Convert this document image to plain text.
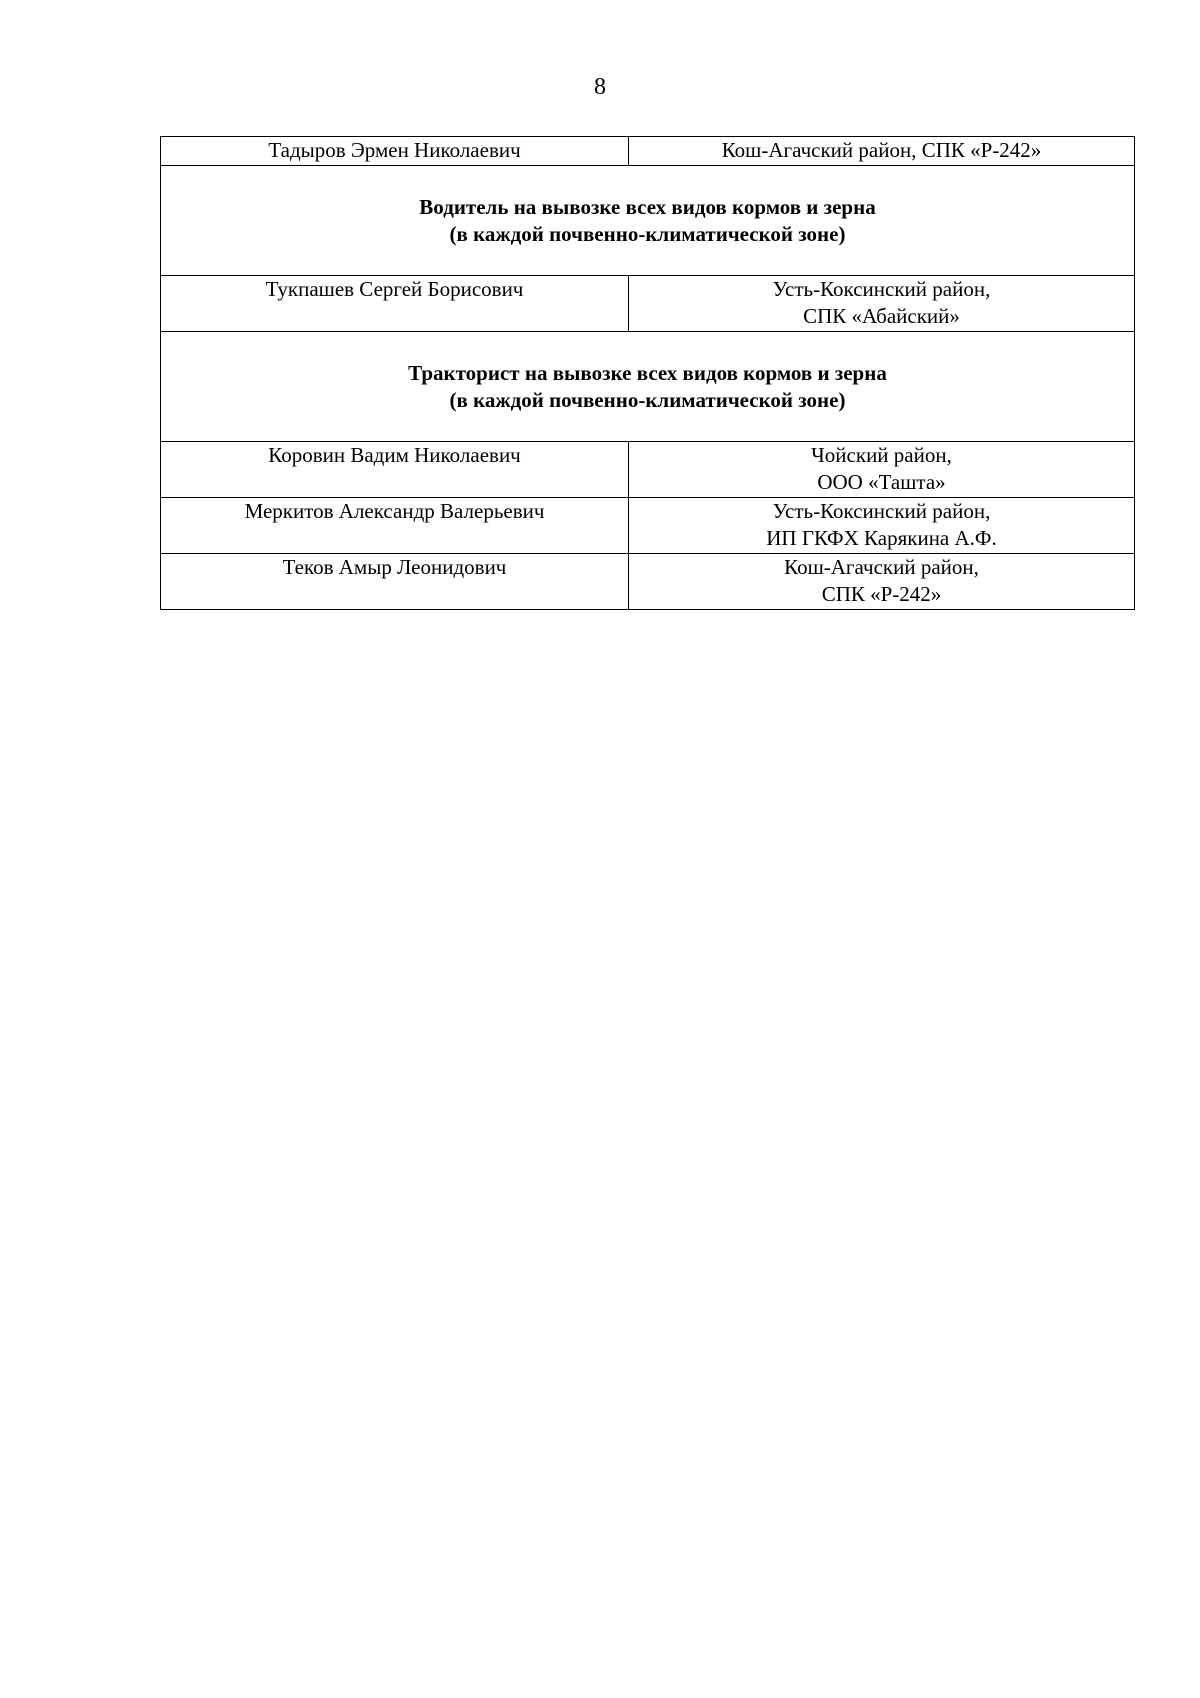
8
Тадыров Эрмен Николаевич	Кош-Агачский район, СПК «Р-242»

Водитель на вывозке всех видов кормов и зерна
(в каждой почвенно-климатической зоне)	

Тукпашев Сергей Борисович	Усть-Коксинский район,
СПК «Абайский»

Тракторист на вывозке всех видов кормов и зерна
(в каждой почвенно-климатической зоне)	

Коровин Вадим Николаевич	Чойский район,
ООО «Ташта»

Меркитов Александр Валерьевич	Усть-Коксинский район,
ИП ГКФХ Карякина А.Ф.

Теков Амыр Леонидович	Кош-Агачский район,
СПК «Р-242»
